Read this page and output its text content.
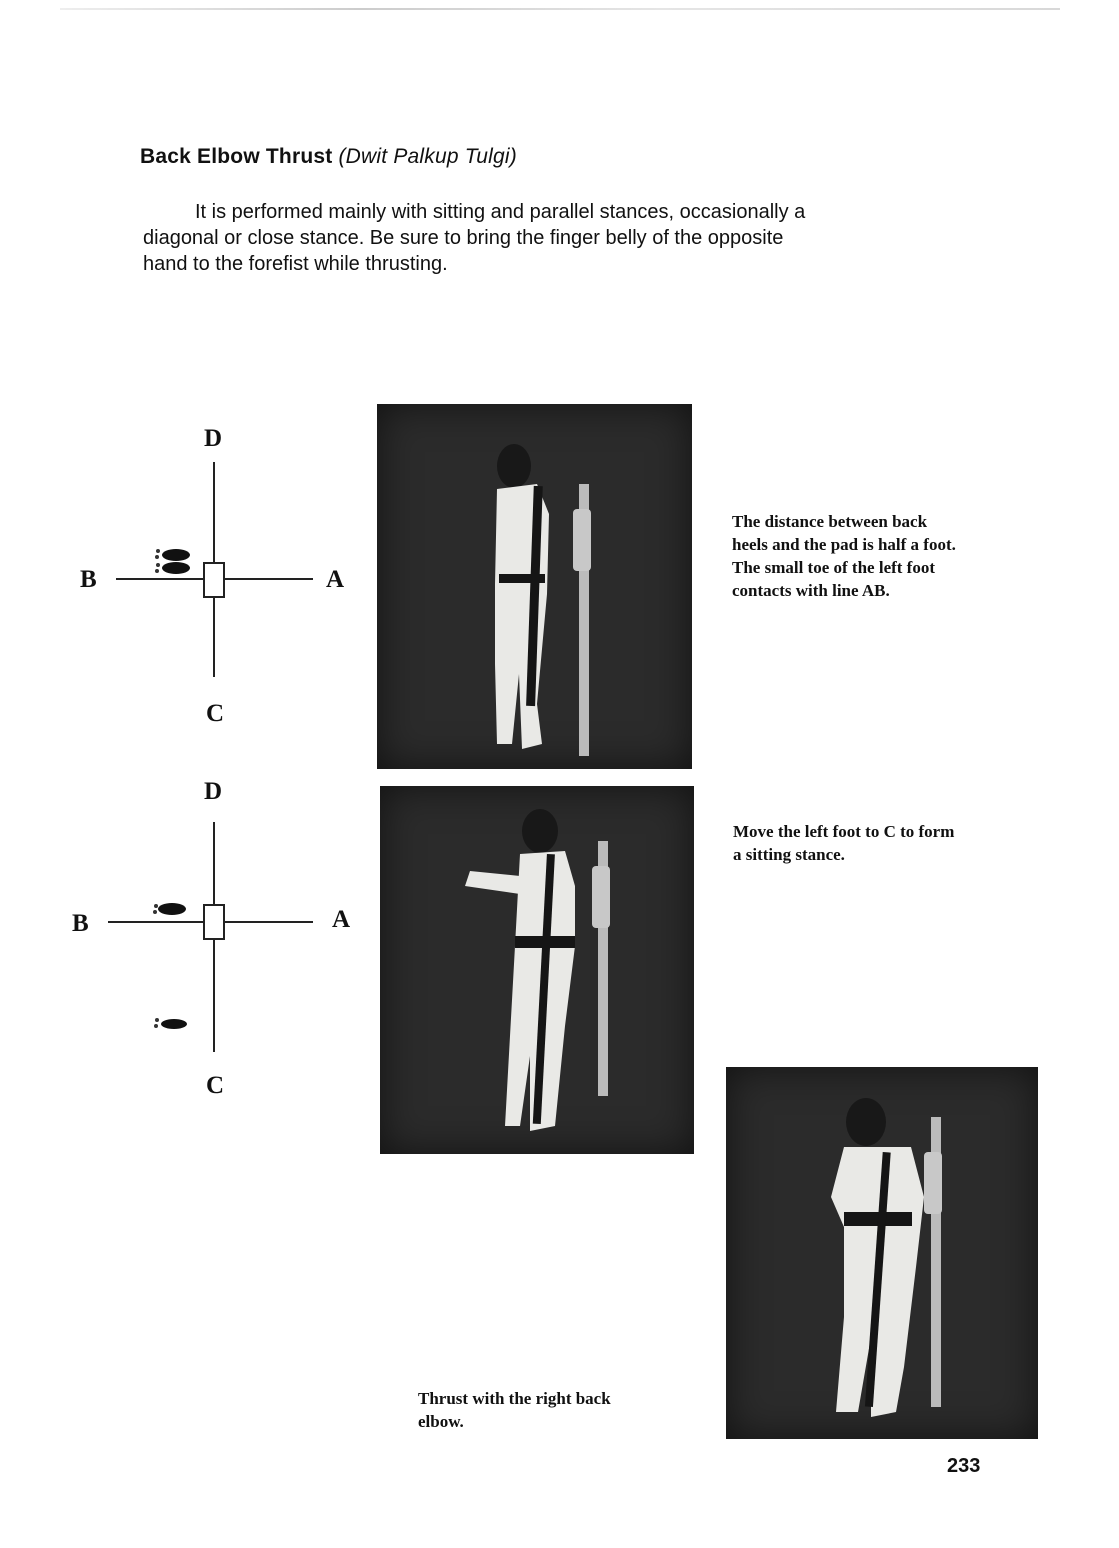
Back Elbow Thrust (Dwit Palkup Tulgi)
It is performed mainly with sitting and parallel stances, occasionally a
diagonal or close stance. Be sure to bring the finger belly of the opposite
hand to the forefist while thrusting.
D
B	A
C
D
B	A
C
The distance between back
heels and the pad is half a foot.
The small toe of the left foot
contacts with line AB.
Move the left foot to C to form
a sitting stance.
Thrust with the right back
elbow.
233
